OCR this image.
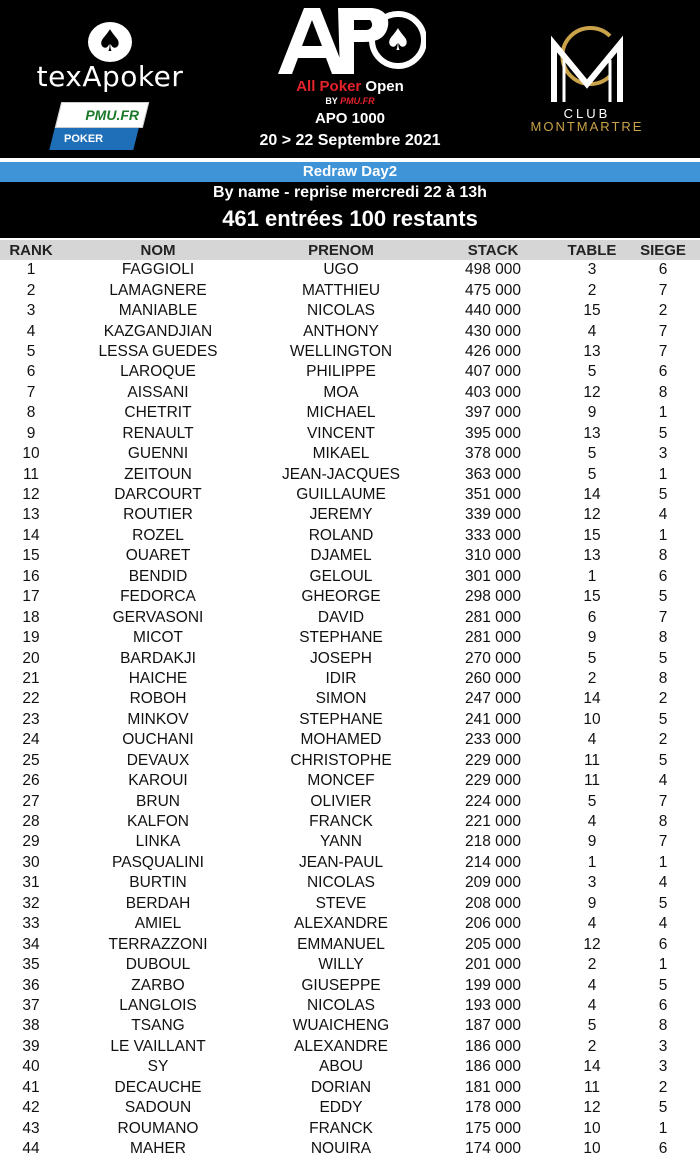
♠
texApoker
PMU.FR
POKER
♠
All Poker Open
BY PMU.FR
APO 1000
20 > 22 Septembre 2021
CLUB
MONTMARTRE
Redraw Day2
By name - reprise mercredi 22 à 13h
461 entrées 100 restants
RANK	NOM	PRENOM	STACK	TABLE	SIEGE
1	FAGGIOLI	UGO	498 000	3	6
2	LAMAGNERE	MATTHIEU	475 000	2	7
3	MANIABLE	NICOLAS	440 000	15	2
4	KAZGANDJIAN	ANTHONY	430 000	4	7
5	LESSA GUEDES	WELLINGTON	426 000	13	7
6	LAROQUE	PHILIPPE	407 000	5	6
7	AISSANI	MOA	403 000	12	8
8	CHETRIT	MICHAEL	397 000	9	1
9	RENAULT	VINCENT	395 000	13	5
10	GUENNI	MIKAEL	378 000	5	3
11	ZEITOUN	JEAN-JACQUES	363 000	5	1
12	DARCOURT	GUILLAUME	351 000	14	5
13	ROUTIER	JEREMY	339 000	12	4
14	ROZEL	ROLAND	333 000	15	1
15	OUARET	DJAMEL	310 000	13	8
16	BENDID	GELOUL	301 000	1	6
17	FEDORCA	GHEORGE	298 000	15	5
18	GERVASONI	DAVID	281 000	6	7
19	MICOT	STEPHANE	281 000	9	8
20	BARDAKJI	JOSEPH	270 000	5	5
21	HAICHE	IDIR	260 000	2	8
22	ROBOH	SIMON	247 000	14	2
23	MINKOV	STEPHANE	241 000	10	5
24	OUCHANI	MOHAMED	233 000	4	2
25	DEVAUX	CHRISTOPHE	229 000	11	5
26	KAROUI	MONCEF	229 000	11	4
27	BRUN	OLIVIER	224 000	5	7
28	KALFON	FRANCK	221 000	4	8
29	LINKA	YANN	218 000	9	7
30	PASQUALINI	JEAN-PAUL	214 000	1	1
31	BURTIN	NICOLAS	209 000	3	4
32	BERDAH	STEVE	208 000	9	5
33	AMIEL	ALEXANDRE	206 000	4	4
34	TERRAZZONI	EMMANUEL	205 000	12	6
35	DUBOUL	WILLY	201 000	2	1
36	ZARBO	GIUSEPPE	199 000	4	5
37	LANGLOIS	NICOLAS	193 000	4	6
38	TSANG	WUAICHENG	187 000	5	8
39	LE VAILLANT	ALEXANDRE	186 000	2	3
40	SY	ABOU	186 000	14	3
41	DECAUCHE	DORIAN	181 000	11	2
42	SADOUN	EDDY	178 000	12	5
43	ROUMANO	FRANCK	175 000	10	1
44	MAHER	NOUIRA	174 000	10	6
